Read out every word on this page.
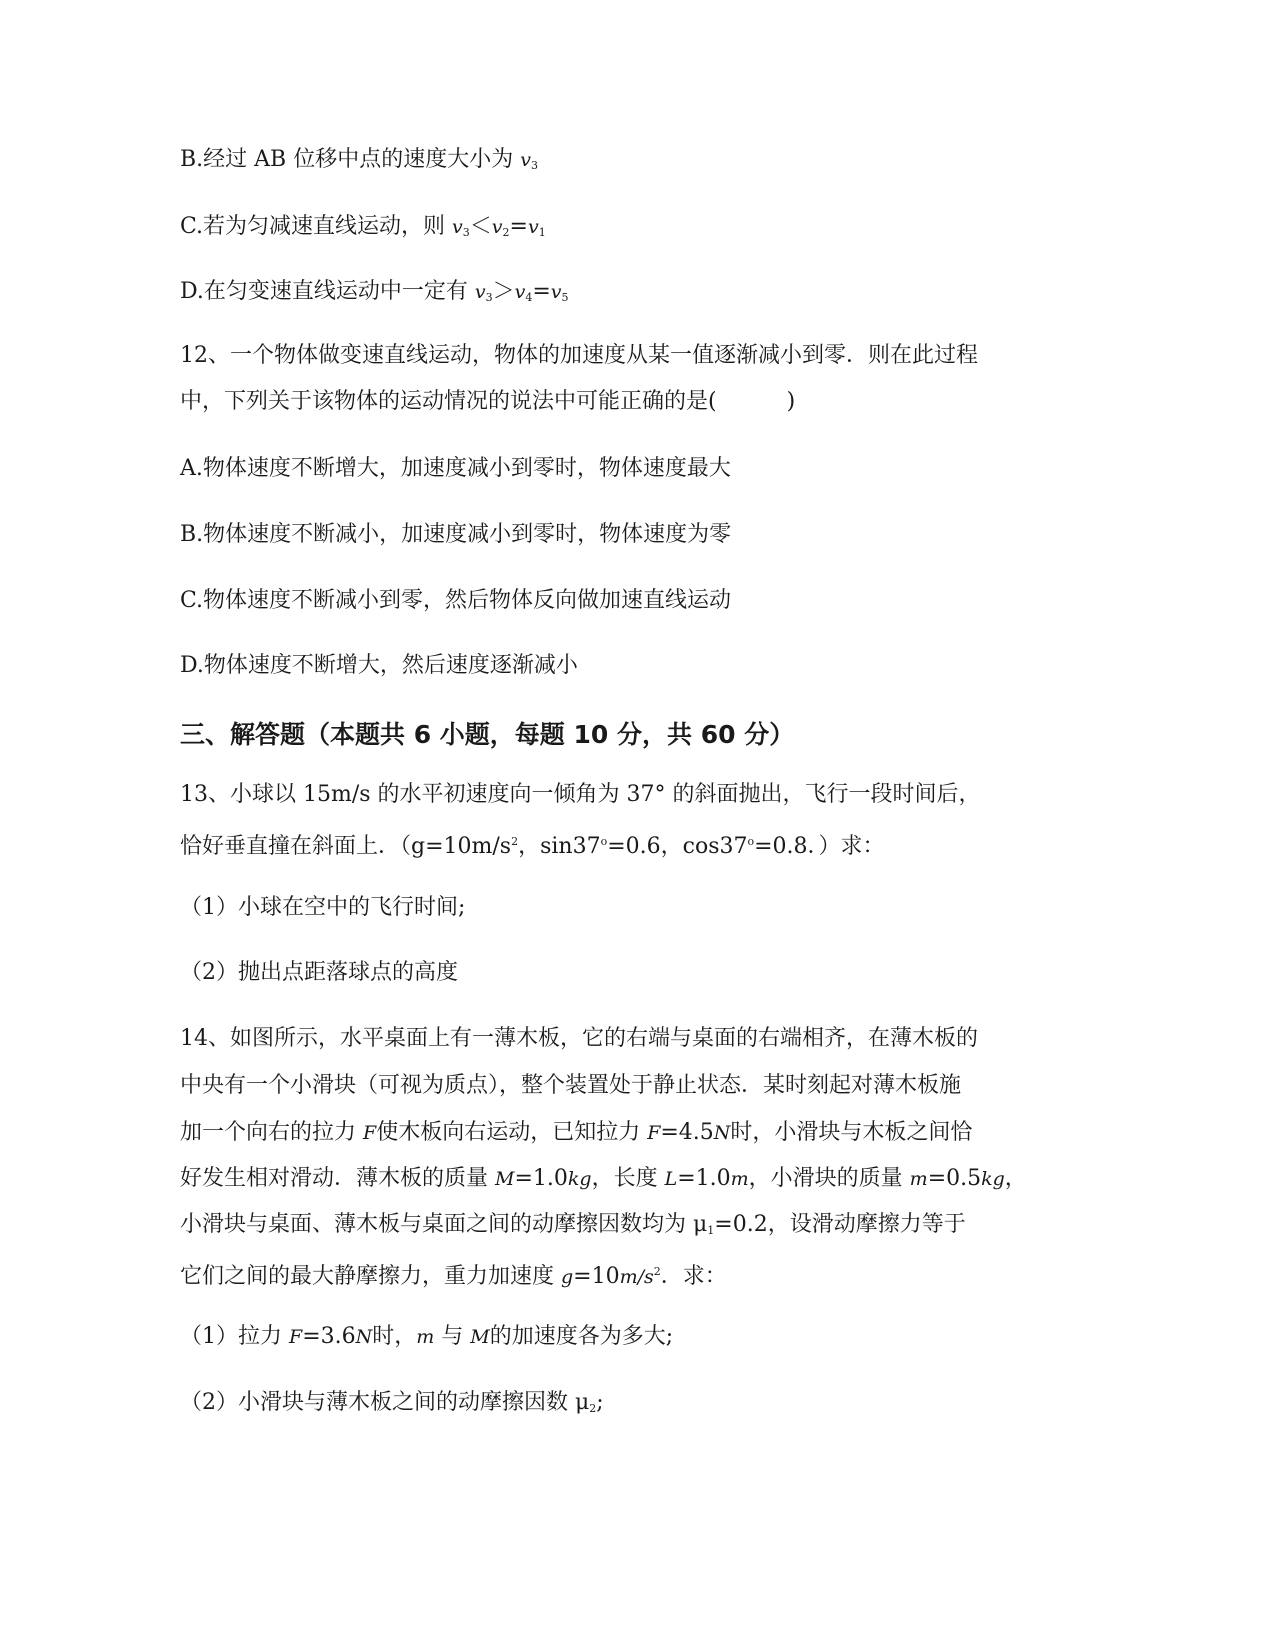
B.经过 AB 位移中点的速度大小为 $v_3$
C.若为匀减速直线运动，则 $v_3<v_2=v_1$
D.在匀变速直线运动中一定有 $v_3>v_4=v_5$
12、一个物体做变速直线运动，物体的加速度从某一值逐渐减小到零．则在此过程
中，下列关于该物体的运动情况的说法中可能正确的是(	)
A.物体速度不断增大，加速度减小到零时，物体速度最大
B.物体速度不断减小，加速度减小到零时，物体速度为零
C.物体速度不断减小到零，然后物体反向做加速直线运动
D.物体速度不断增大，然后速度逐渐减小
三、解答题（本题共 6 小题，每题 10 分，共 60 分）
13、小球以 15m/s 的水平初速度向一倾角为 37° 的斜面抛出，飞行一段时间后，
恰好垂直撞在斜面上．（$g=10m/s^2$，$\sin 37^o=0.6$，$\cos 37^o=0.8$．）求：
（1）小球在空中的飞行时间;
（2）抛出点距落球点的高度
14、如图所示，水平桌面上有一薄木板，它的右端与桌面的右端相齐，在薄木板的
中央有一个小滑块（可视为质点），整个装置处于静止状态．某时刻起对薄木板施
加一个向右的拉力 F使木板向右运动，已知拉力 F=4.5N时，小滑块与木板之间恰
好发生相对滑动．薄木板的质量 M=1.0kg，长度 L=1.0m，小滑块的质量 m=0.5kg，
小滑块与桌面、薄木板与桌面之间的动摩擦因数均为 $\mu_1=0.2$，设滑动摩擦力等于
它们之间的最大静摩擦力，重力加速度 $g=10m/s^2$．求：
（1）拉力 F=3.6N时，m 与 M的加速度各为多大;
（2）小滑块与薄木板之间的动摩擦因数 $\mu_2$;
